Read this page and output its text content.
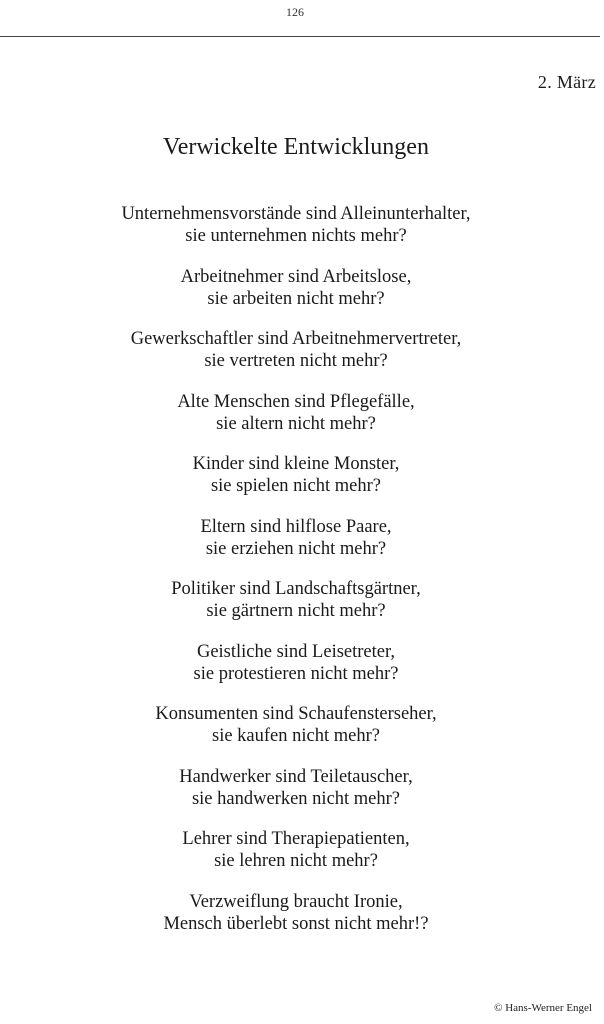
126
2. März
Verwickelte Entwicklungen
Unternehmensvorstände sind Alleinunterhalter,
sie unternehmen nichts mehr?
Arbeitnehmer sind Arbeitslose,
sie arbeiten nicht mehr?
Gewerkschaftler sind Arbeitnehmervertreter,
sie vertreten nicht mehr?
Alte Menschen sind Pflegefälle,
sie altern nicht mehr?
Kinder sind kleine Monster,
sie spielen nicht mehr?
Eltern sind hilflose Paare,
sie erziehen nicht mehr?
Politiker sind Landschaftsgärtner,
sie gärtnern nicht mehr?
Geistliche sind Leisetreter,
sie protestieren nicht mehr?
Konsumenten sind Schaufensterseher,
sie kaufen nicht mehr?
Handwerker sind Teiletauscher,
sie handwerken nicht mehr?
Lehrer sind Therapiepatienten,
sie lehren nicht mehr?
Verzweiflung braucht Ironie,
Mensch überlebt sonst nicht mehr!?
© Hans-Werner Engel
